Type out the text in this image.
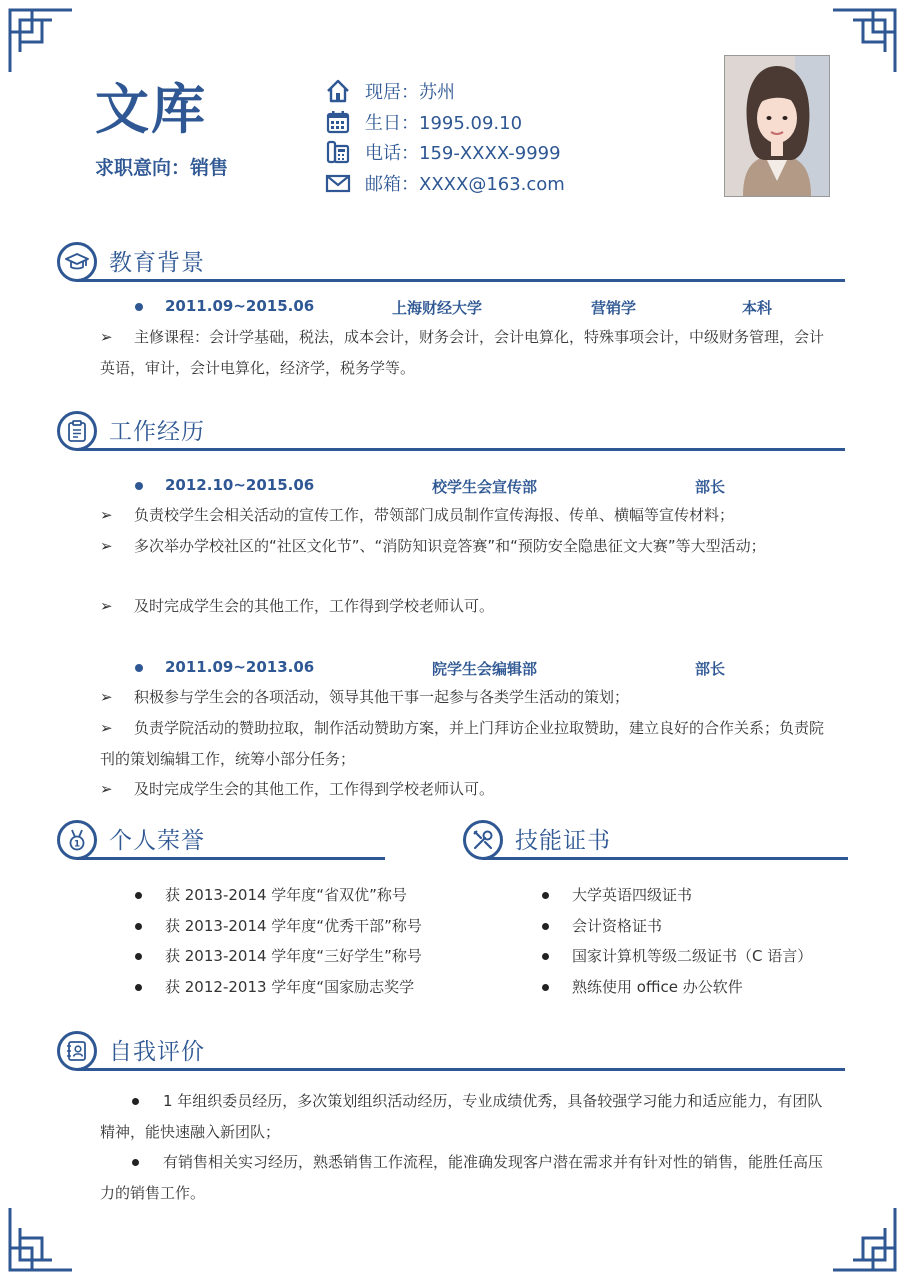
文库
求职意向：销售
现居：苏州
生日：1995.09.10
电话：159-XXXX-9999
邮箱：XXXX@163.com
教育背景
2011.09~2015.06	上海财经大学	营销学	本科
➢ 主修课程：会计学基础，税法，成本会计，财务会计，会计电算化，特殊事项会计，中级财务管理，会计英语，审计，会计电算化，经济学，税务学等。
工作经历
2012.10~2015.06	校学生会宣传部	部长
➢ 负责校学生会相关活动的宣传工作，带领部门成员制作宣传海报、传单、横幅等宣传材料；
➢ 多次举办学校社区的“社区文化节”、“消防知识竞答赛”和“预防安全隐患征文大赛”等大型活动；
➢ 及时完成学生会的其他工作，工作得到学校老师认可。
2011.09~2013.06	院学生会编辑部	部长
➢ 积极参与学生会的各项活动，领导其他干事一起参与各类学生活动的策划；
➢ 负责学院活动的赞助拉取，制作活动赞助方案，并上门拜访企业拉取赞助，建立良好的合作关系；负责院刊的策划编辑工作，统筹小部分任务；
➢ 及时完成学生会的其他工作，工作得到学校老师认可。
1 个人荣誉
获 2013-2014 学年度“省双优”称号
获 2013-2014 学年度“优秀干部”称号
获 2013-2014 学年度“三好学生”称号
获 2012-2013 学年度“国家励志奖学
技能证书
大学英语四级证书
会计资格证书
国家计算机等级二级证书（C 语言）
熟练使用 office 办公软件
自我评价
1 年组织委员经历，多次策划组织活动经历，专业成绩优秀，具备较强学习能力和适应能力，有团队精神，能快速融入新团队；
有销售相关实习经历，熟悉销售工作流程，能准确发现客户潜在需求并有针对性的销售，能胜任高压力的销售工作。
